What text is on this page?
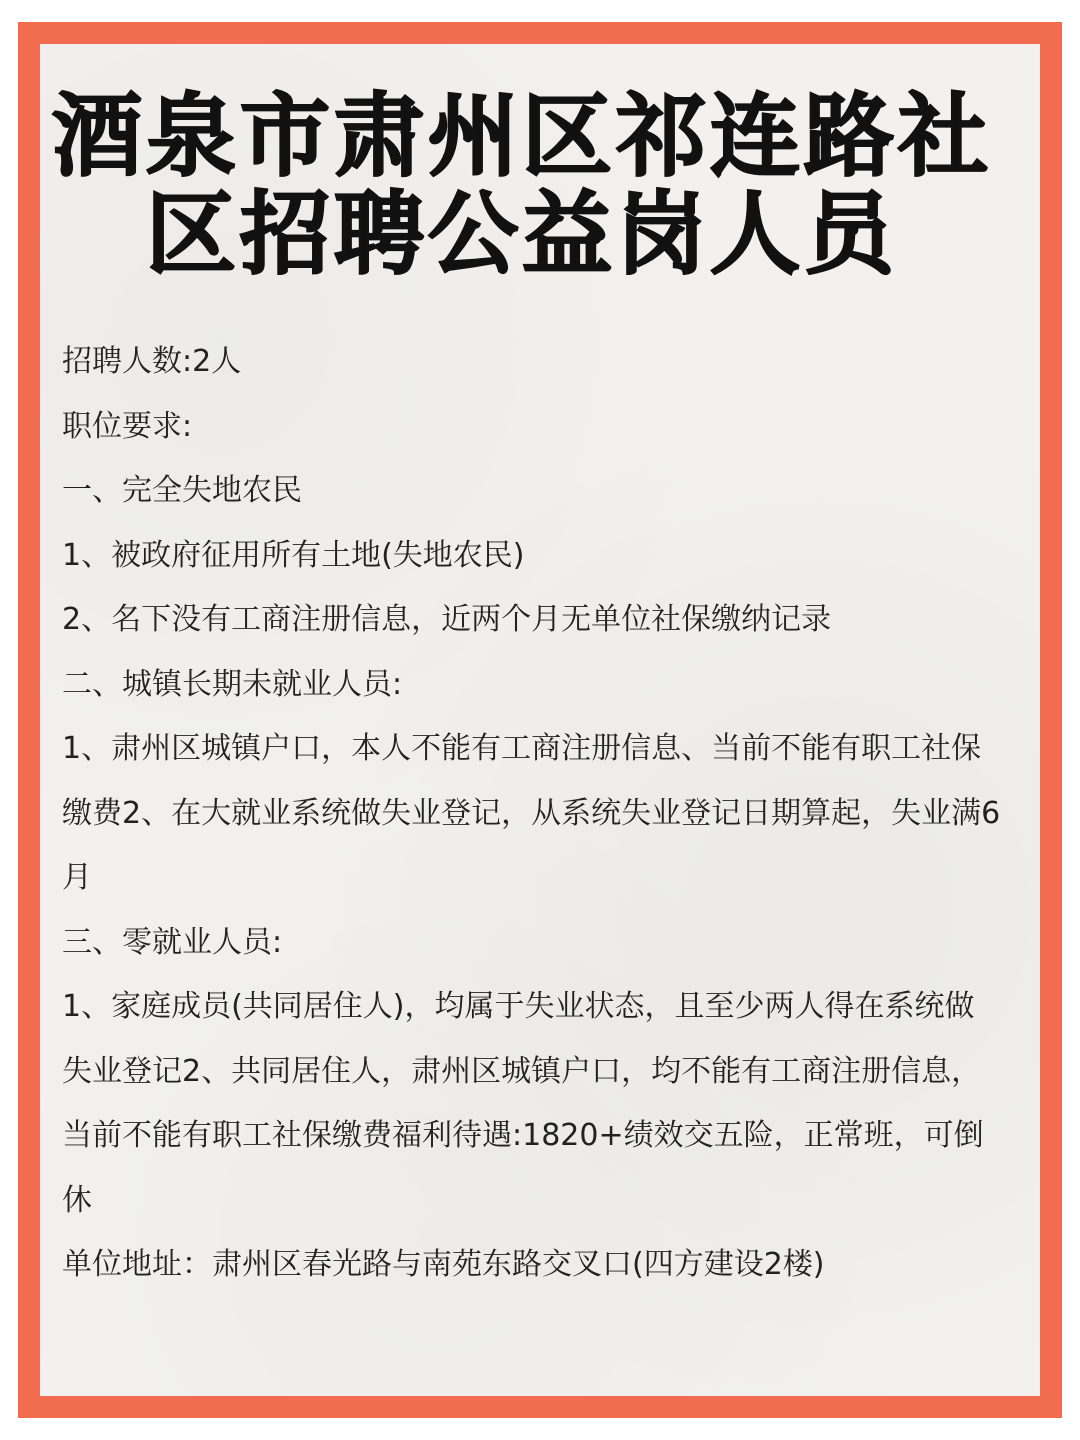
酒泉市肃州区祁连路社
区招聘公益岗人员

招聘人数:2人

职位要求:

一、完全失地农民

1、被政府征用所有土地(失地农民)

2、名下没有工商注册信息，近两个月无单位社保缴纳记录

二、城镇长期未就业人员:

1、肃州区城镇户口，本人不能有工商注册信息、当前不能有职工社保缴费2、在大就业系统做失业登记，从系统失业登记日期算起，失业满6月

三、零就业人员:

1、家庭成员(共同居住人)，均属于失业状态，且至少两人得在系统做失业登记2、共同居住人，肃州区城镇户口，均不能有工商注册信息，当前不能有职工社保缴费福利待遇:1820+绩效交五险，正常班，可倒休

单位地址：肃州区春光路与南苑东路交叉口(四方建设2楼)
